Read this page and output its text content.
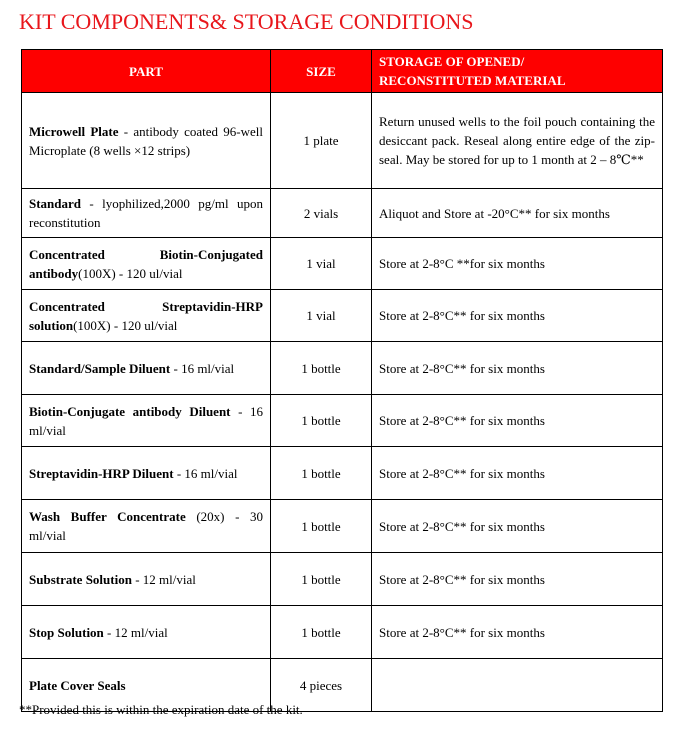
KIT COMPONENTS& STORAGE CONDITIONS
PART	SIZE	STORAGE OF OPENED/
RECONSTITUTED MATERIAL
Microwell Plate - antibody coated 96-well Microplate (8 wells ×12 strips)	1 plate	Return unused wells to the foil pouch containing the desiccant pack. Reseal along entire edge of the zip-seal. May be stored for up to 1 month at 2 – 8℃**
Standard - lyophilized,2000 pg/ml upon reconstitution	2 vials	Aliquot and Store at -20°C** for six months
Concentrated Biotin-Conjugated antibody(100X) - 120 ul/vial	1 vial	Store at 2-8°C **for six months
Concentrated Streptavidin-HRP solution(100X) - 120 ul/vial	1 vial	Store at 2-8°C** for six months
Standard/Sample Diluent - 16 ml/vial	1 bottle	Store at 2-8°C** for six months
Biotin-Conjugate antibody Diluent - 16 ml/vial	1 bottle	Store at 2-8°C** for six months
Streptavidin-HRP Diluent - 16 ml/vial	1 bottle	Store at 2-8°C** for six months
Wash Buffer Concentrate (20x) - 30 ml/vial	1 bottle	Store at 2-8°C** for six months
Substrate Solution - 12 ml/vial	1 bottle	Store at 2-8°C** for six months
Stop Solution - 12 ml/vial	1 bottle	Store at 2-8°C** for six months
Plate Cover Seals	4 pieces	

**Provided this is within the expiration date of the kit.
